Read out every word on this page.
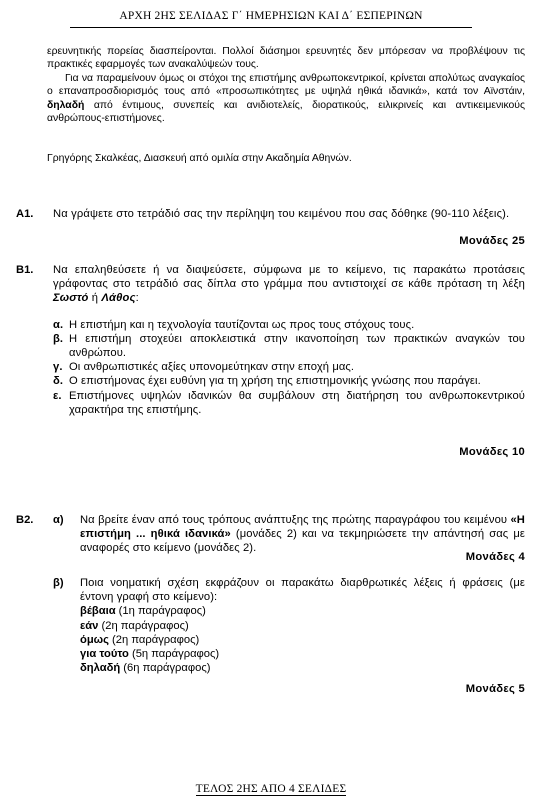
ΑΡΧΗ 2ΗΣ ΣΕΛΙΔΑΣ Γ΄ ΗΜΕΡΗΣΙΩΝ ΚΑΙ Δ΄ ΕΣΠΕΡΙΝΩΝ

ερευνητικής πορείας διασπείρονται. Πολλοί διάσημοι ερευνητές δεν μπόρεσαν να προβλέψουν τις πρακτικές εφαρμογές των ανακαλύψεών τους.

Για να παραμείνουν όμως οι στόχοι της επιστήμης ανθρωποκεντρικοί, κρίνεται απολύτως αναγκαίος ο επαναπροσδιορισμός τους από «προσωπικότητες με υψηλά ηθικά ιδανικά», κατά τον Αϊνστάιν, δηλαδή από έντιμους, συνεπείς και ανιδιοτελείς, διορατικούς, ειλικρινείς και αντικειμενικούς ανθρώπους-επιστήμονες.

Γρηγόρης Σκαλκέας, Διασκευή από ομιλία στην Ακαδημία Αθηνών.
Α1. Να γράψετε στο τετράδιό σας την περίληψη του κειμένου που σας δόθηκε (90-110 λέξεις).
Μονάδες 25
Β1. Να επαληθεύσετε ή να διαψεύσετε, σύμφωνα με το κείμενο, τις παρακάτω προτάσεις γράφοντας στο τετράδιό σας δίπλα στο γράμμα που αντιστοιχεί σε κάθε πρόταση τη λέξη Σωστό ή Λάθος:
α. Η επιστήμη και η τεχνολογία ταυτίζονται ως προς τους στόχους τους.
β. Η επιστήμη στοχεύει αποκλειστικά στην ικανοποίηση των πρακτικών αναγκών του ανθρώπου.
γ. Οι ανθρωπιστικές αξίες υπονομεύτηκαν στην εποχή μας.
δ. Ο επιστήμονας έχει ευθύνη για τη χρήση της επιστημονικής γνώσης που παράγει.
ε. Επιστήμονες υψηλών ιδανικών θα συμβάλουν στη διατήρηση του ανθρωποκεντρικού χαρακτήρα της επιστήμης.
Μονάδες 10
Β2. α) Να βρείτε έναν από τους τρόπους ανάπτυξης της πρώτης παραγράφου του κειμένου «Η επιστήμη ... ηθικά ιδανικά» (μονάδες 2) και να τεκμηριώσετε την απάντησή σας με αναφορές στο κείμενο (μονάδες 2).
Μονάδες 4
β) Ποια νοηματική σχέση εκφράζουν οι παρακάτω διαρθρωτικές λέξεις ή φράσεις (με έντονη γραφή στο κείμενο):
βέβαια (1η παράγραφος)
εάν (2η παράγραφος)
όμως (2η παράγραφος)
για τούτο (5η παράγραφος)
δηλαδή (6η παράγραφος)
Μονάδες 5
ΤΕΛΟΣ 2ΗΣ ΑΠΟ 4 ΣΕΛΙΔΕΣ
